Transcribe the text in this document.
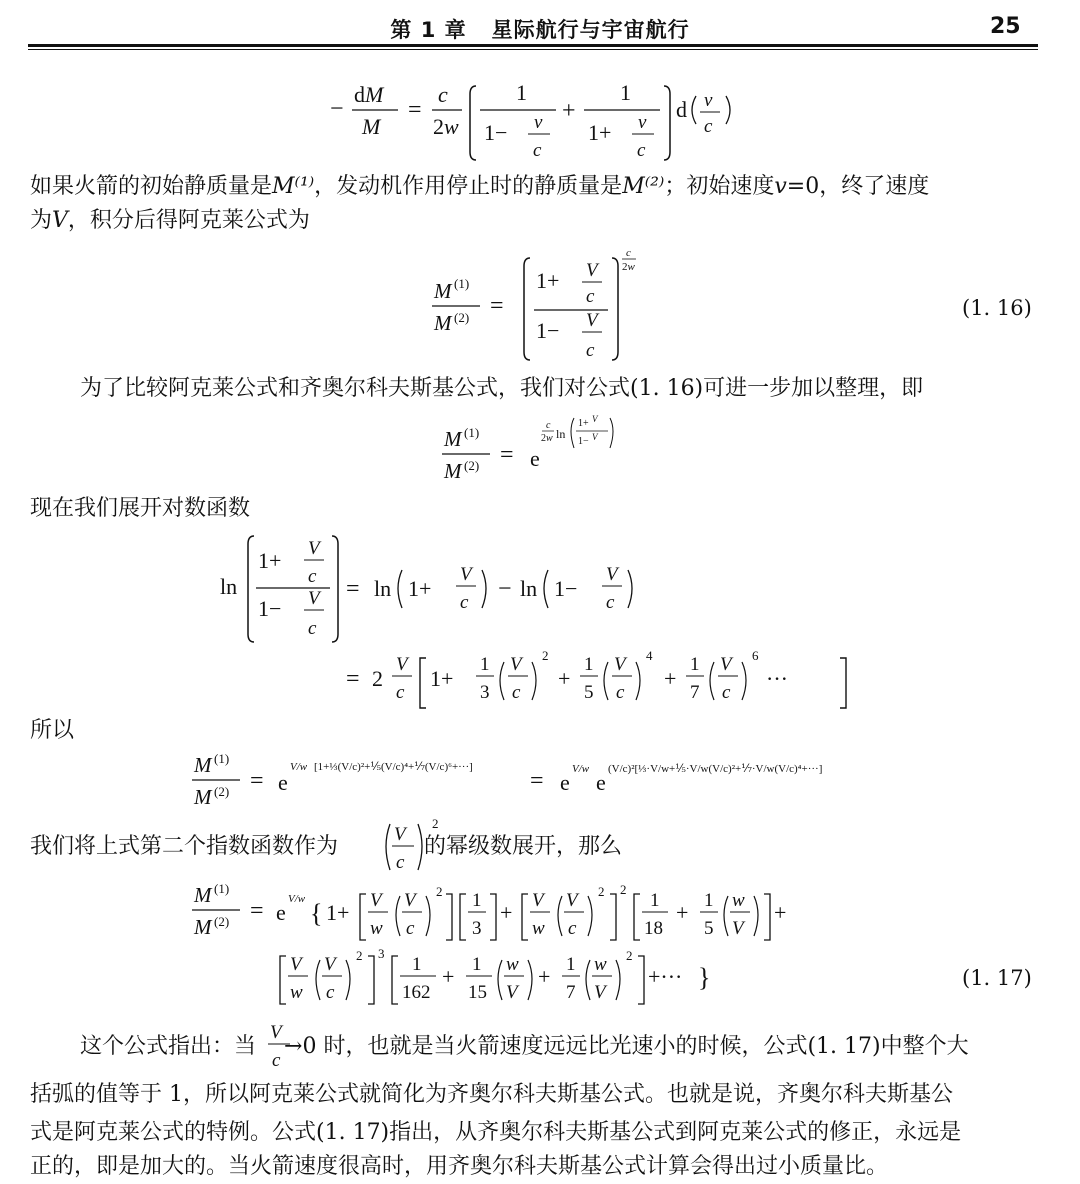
第 1 章 星际航行与宇宙航行	25
−
dM
M
=
c
2w
1
1− v
c
+
1
1+ v
c
d v
c
如果火箭的初始静质量是M⁽¹⁾，发动机作用停止时的静质量是M⁽²⁾；初始速度v=0，终了速度
为V，积分后得阿克莱公式为
M (1)
M (2) =
1+ V
c
1− V
c
c
2w
(1. 16)
为了比较阿克莱公式和齐奥尔科夫斯基公式，我们对公式(1. 16)可进一步加以整理，即
M (1)
M (2) = e
c
2w ln
1+ V
1− V
现在我们展开对数函数
ln
1+ V
c
1− V
c
= ln 1+
V
c
− ln 1−
V
c
= 2
V
c
1+
1
3
V
c
2
+
1
5
V
c
4
+
1
7
V
c
6
···
所以
M (1)
M (2) = e
V/w [1+⅓(V/c)²+⅕(V/c)⁴+⅐(V/c)⁶+···]
= e
V/w
e
(V/c)²[⅓·V/w+⅕·V/w(V/c)²+⅐·V/w(V/c)⁴+···]
我们将上式第二个指数函数作为	的幂级数展开，那么
V
c
2
M (1)
M (2) = e
V/w { 1+ V
w
V
c
2 1
3
+ V
w
V
c
2 2
1
18
+ 1
5
w
V
+
V
w
V
c
2 3
1
162
+ 1
15
w
V
+ 1
7
w
V
2
+··· }	(1. 17)
这个公式指出：当 →0 时，也就是当火箭速度远远比光速小的时候，公式(1. 17)中整个大
V
c
括弧的值等于 1，所以阿克莱公式就简化为齐奥尔科夫斯基公式。也就是说，齐奥尔科夫斯基公
式是阿克莱公式的特例。公式(1. 17)指出，从齐奥尔科夫斯基公式到阿克莱公式的修正，永远是
正的，即是加大的。当火箭速度很高时，用齐奥尔科夫斯基公式计算会得出过小质量比。
